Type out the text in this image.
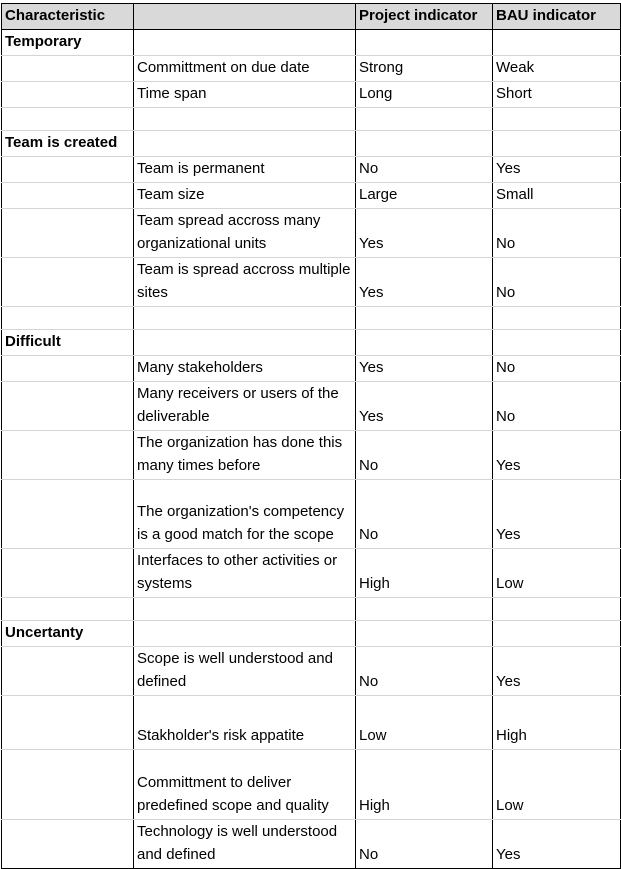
Characteristic		Project indicator	BAU indicator
Temporary			
	Committment on due date	Strong	Weak
	Time span	Long	Short

Team is created			
	Team is permanent	No	Yes
	Team size	Large	Small
	Team spread accross many organizational units	Yes	No
	Team is spread accross multiple sites	Yes	No

Difficult			
	Many stakeholders	Yes	No
	Many receivers or users of the deliverable	Yes	No
	The organization has done this many times before	No	Yes
	The organization's competency is a good match for the scope	No	Yes
	Interfaces to other activities or systems	High	Low

Uncertanty			
	Scope is well understood and defined	No	Yes
	Stakholder's risk appatite	Low	High
	Committment to deliver predefined scope and quality	High	Low
	Technology is well understood and defined	No	Yes
